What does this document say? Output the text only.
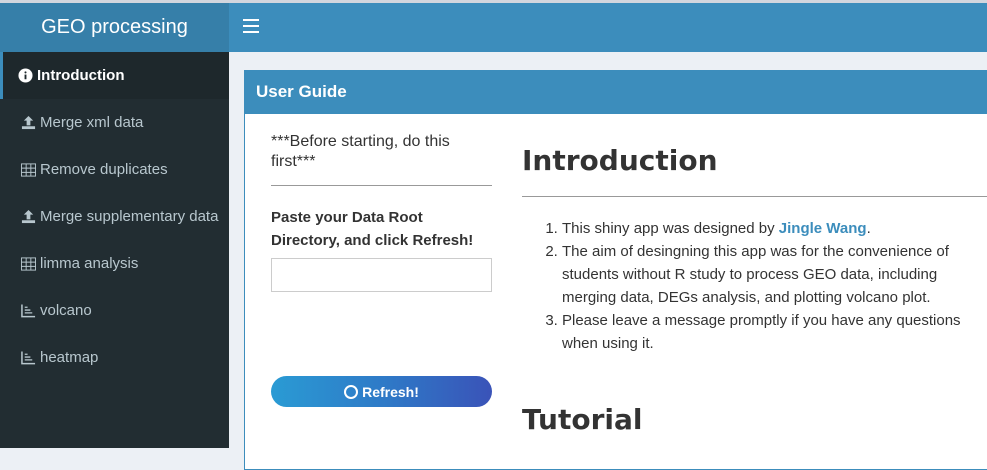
GEO processing
Introduction
Merge xml data
Remove duplicates
Merge supplementary data
limma analysis
volcano
heatmap
User Guide
***Before starting, do this first***
Paste your Data Root Directory, and click Refresh!
Refresh!
Introduction
1. This shiny app was designed by Jingle Wang.
2. The aim of desingning this app was for the convenience of students without R study to process GEO data, including merging data, DEGs analysis, and plotting volcano plot.
3. Please leave a message promptly if you have any questions when using it.
Tutorial
